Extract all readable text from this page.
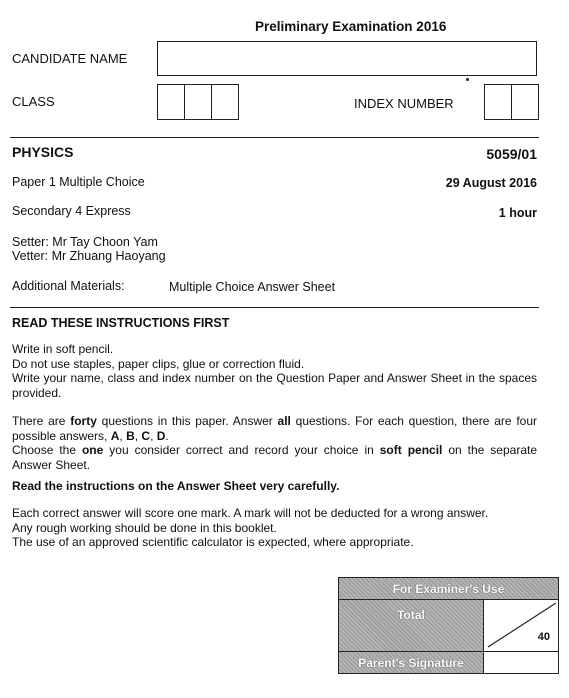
Preliminary Examination 2016
CANDIDATE NAME
CLASS	INDEX NUMBER
PHYSICS	5059/01
Paper 1 Multiple Choice	29 August 2016
Secondary 4 Express	1 hour
Setter: Mr Tay Choon Yam
Vetter: Mr Zhuang Haoyang
Additional Materials:	Multiple Choice Answer Sheet
READ THESE INSTRUCTIONS FIRST

Write in soft pencil.

Do not use staples, paper clips, glue or correction fluid.

Write your name, class and index number on the Question Paper and Answer Sheet in the spaces provided.

There are forty questions in this paper. Answer all questions. For each question, there are four possible answers, A, B, C, D.

Choose the one you consider correct and record your choice in soft pencil on the separate Answer Sheet.

Read the instructions on the Answer Sheet very carefully.

Each correct answer will score one mark. A mark will not be deducted for a wrong answer.

Any rough working should be done in this booklet.

The use of an approved scientific calculator is expected, where appropriate.

For Examiner's Use	
Total	40

Parent's Signature	
